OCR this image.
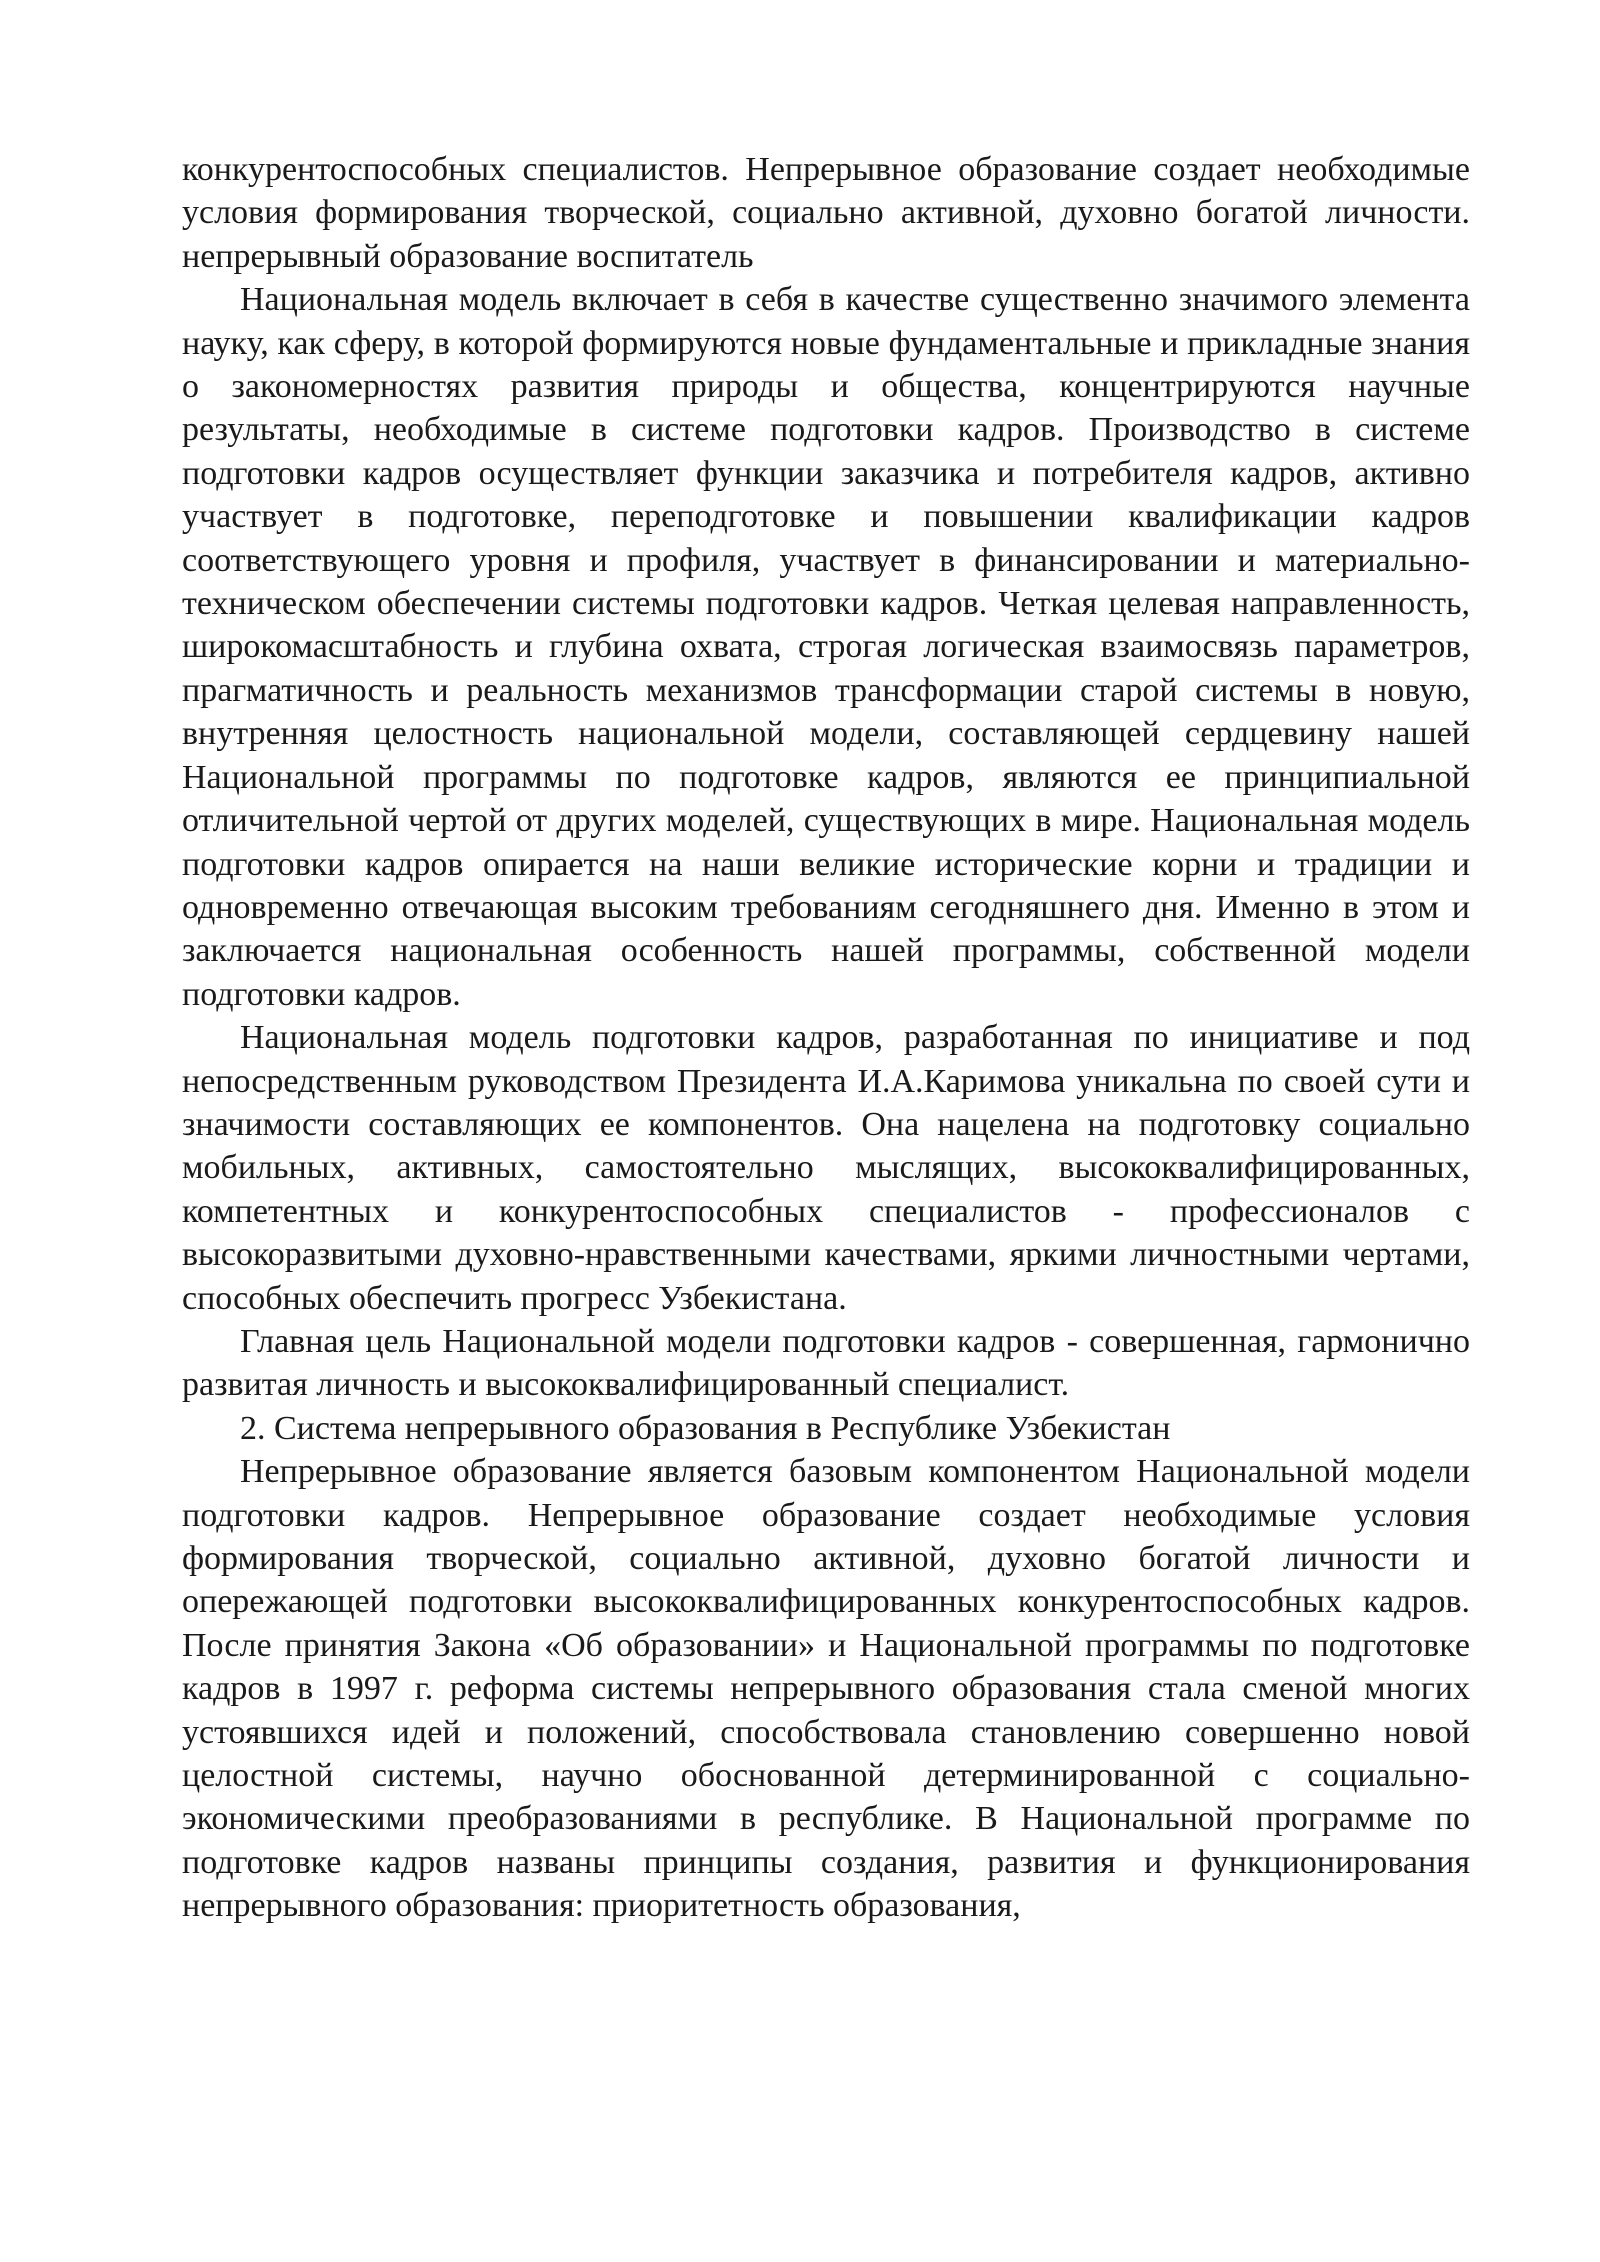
конкурентоспособных специалистов. Непрерывное образование создает необходимые условия формирования творческой, социально активной, духовно богатой личности. непрерывный образование воспитатель

Национальная модель включает в себя в качестве существенно значимого элемента науку, как сферу, в которой формируются новые фундаментальные и прикладные знания о закономерностях развития природы и общества, концентрируются научные результаты, необходимые в системе подготовки кадров. Производство в системе подготовки кадров осуществляет функции заказчика и потребителя кадров, активно участвует в подготовке, переподготовке и повышении квалификации кадров соответствующего уровня и профиля, участвует в финансировании и материально-техническом обеспечении системы подготовки кадров. Четкая целевая направленность, широкомасштабность и глубина охвата, строгая логическая взаимосвязь параметров, прагматичность и реальность механизмов трансформации старой системы в новую, внутренняя целостность национальной модели, составляющей сердцевину нашей Национальной программы по подготовке кадров, являются ее принципиальной отличительной чертой от других моделей, существующих в мире. Национальная модель подготовки кадров опирается на наши великие исторические корни и традиции и одновременно отвечающая высоким требованиям сегодняшнего дня. Именно в этом и заключается национальная особенность нашей программы, собственной модели подготовки кадров.

Национальная модель подготовки кадров, разработанная по инициативе и под непосредственным руководством Президента И.А.Каримова уникальна по своей сути и значимости составляющих ее компонентов. Она нацелена на подготовку социально мобильных, активных, самостоятельно мыслящих, высококвалифицированных, компетентных и конкурентоспособных специалистов - профессионалов с высокоразвитыми духовно-нравственными качествами, яркими личностными чертами, способных обеспечить прогресс Узбекистана.

Главная цель Национальной модели подготовки кадров - совершенная, гармонично развитая личность и высококвалифицированный специалист.

2. Система непрерывного образования в Республике Узбекистан

Непрерывное образование является базовым компонентом Национальной модели подготовки кадров. Непрерывное образование создает необходимые условия формирования творческой, социально активной, духовно богатой личности и опережающей подготовки высококвалифицированных конкурентоспособных кадров. После принятия Закона «Об образовании» и Национальной программы по подготовке кадров в 1997 г. реформа системы непрерывного образования стала сменой многих устоявшихся идей и положений, способствовала становлению совершенно новой целостной системы, научно обоснованной детерминированной с социально-экономическими преобразованиями в республике. В Национальной программе по подготовке кадров названы принципы создания, развития и функционирования непрерывного образования: приоритетность образования,
